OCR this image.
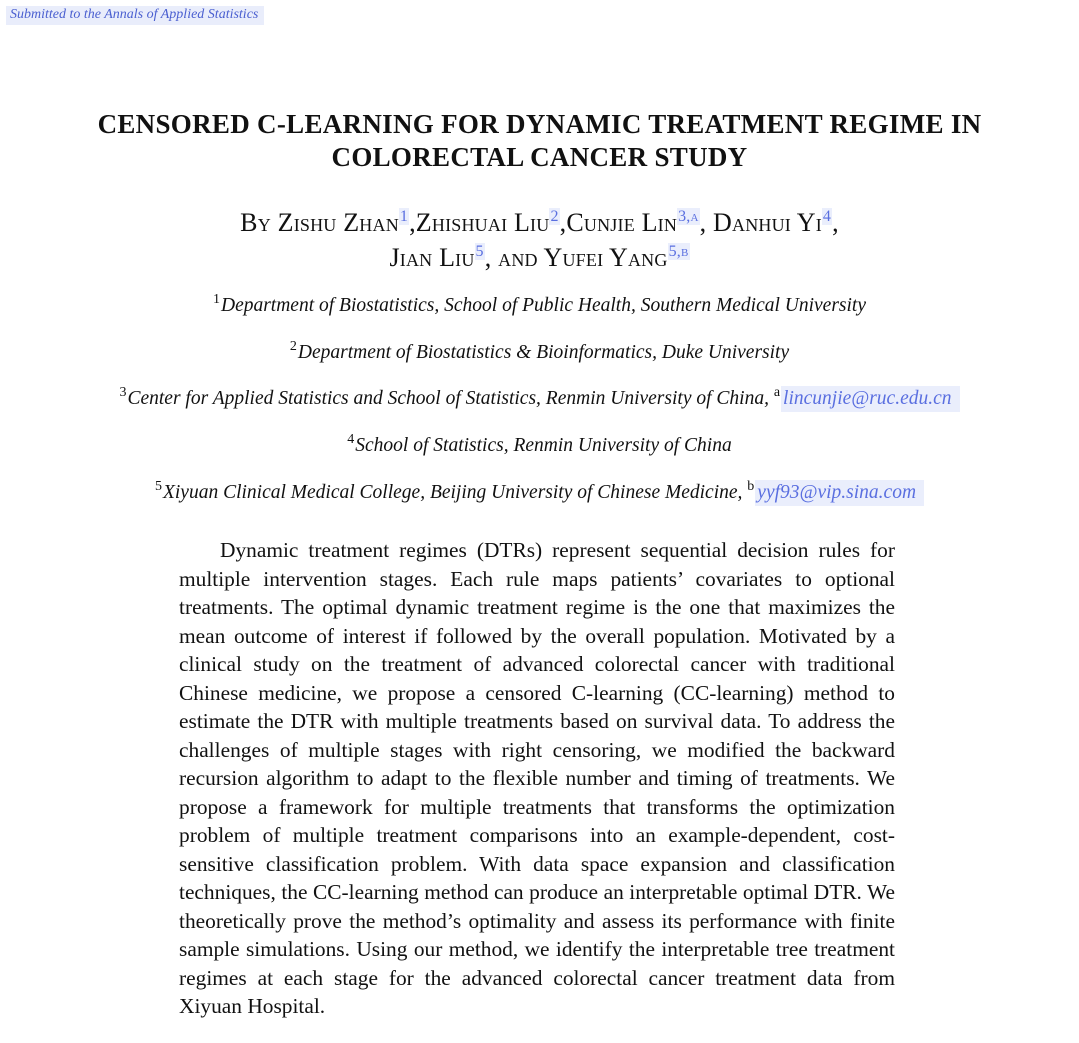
Submitted to the Annals of Applied Statistics
CENSORED C-LEARNING FOR DYNAMIC TREATMENT REGIME IN
COLORECTAL CANCER STUDY
By Zishu Zhan$^1$,Zhishuai Liu$^2$,Cunjie Lin$^{3,a}$, Danhui Yi$^4$,
Jian Liu$^5$, and Yufei Yang$^{5,b}$
$^1$Department of Biostatistics, School of Public Health, Southern Medical University
$^2$Department of Biostatistics & Bioinformatics, Duke University
$^3$Center for Applied Statistics and School of Statistics, Renmin University of China, $^a$ lincunjie@ruc.edu.cn
$^4$School of Statistics, Renmin University of China
$^5$Xiyuan Clinical Medical College, Beijing University of Chinese Medicine, $^b$ yyf93@vip.sina.com

Dynamic treatment regimes (DTRs) represent sequential decision rules for multiple intervention stages. Each rule maps patients’ covariates to optional treatments. The optimal dynamic treatment regime is the one that maximizes the mean outcome of interest if followed by the overall population. Motivated by a clinical study on the treatment of advanced colorectal cancer with traditional Chinese medicine, we propose a censored C-learning (CC-learning) method to estimate the DTR with multiple treatments based on survival data. To address the challenges of multiple stages with right censoring, we modified the backward recursion algorithm to adapt to the flexible number and timing of treatments. We propose a framework for multiple treatments that transforms the optimization problem of multiple treatment comparisons into an example-dependent, cost-sensitive classification problem. With data space expansion and classification techniques, the CC-learning method can produce an interpretable optimal DTR. We theoretically prove the method’s optimality and assess its performance with finite sample simulations. Using our method, we identify the interpretable tree treatment regimes at each stage for the advanced colorectal cancer treatment data from Xiyuan Hospital.
